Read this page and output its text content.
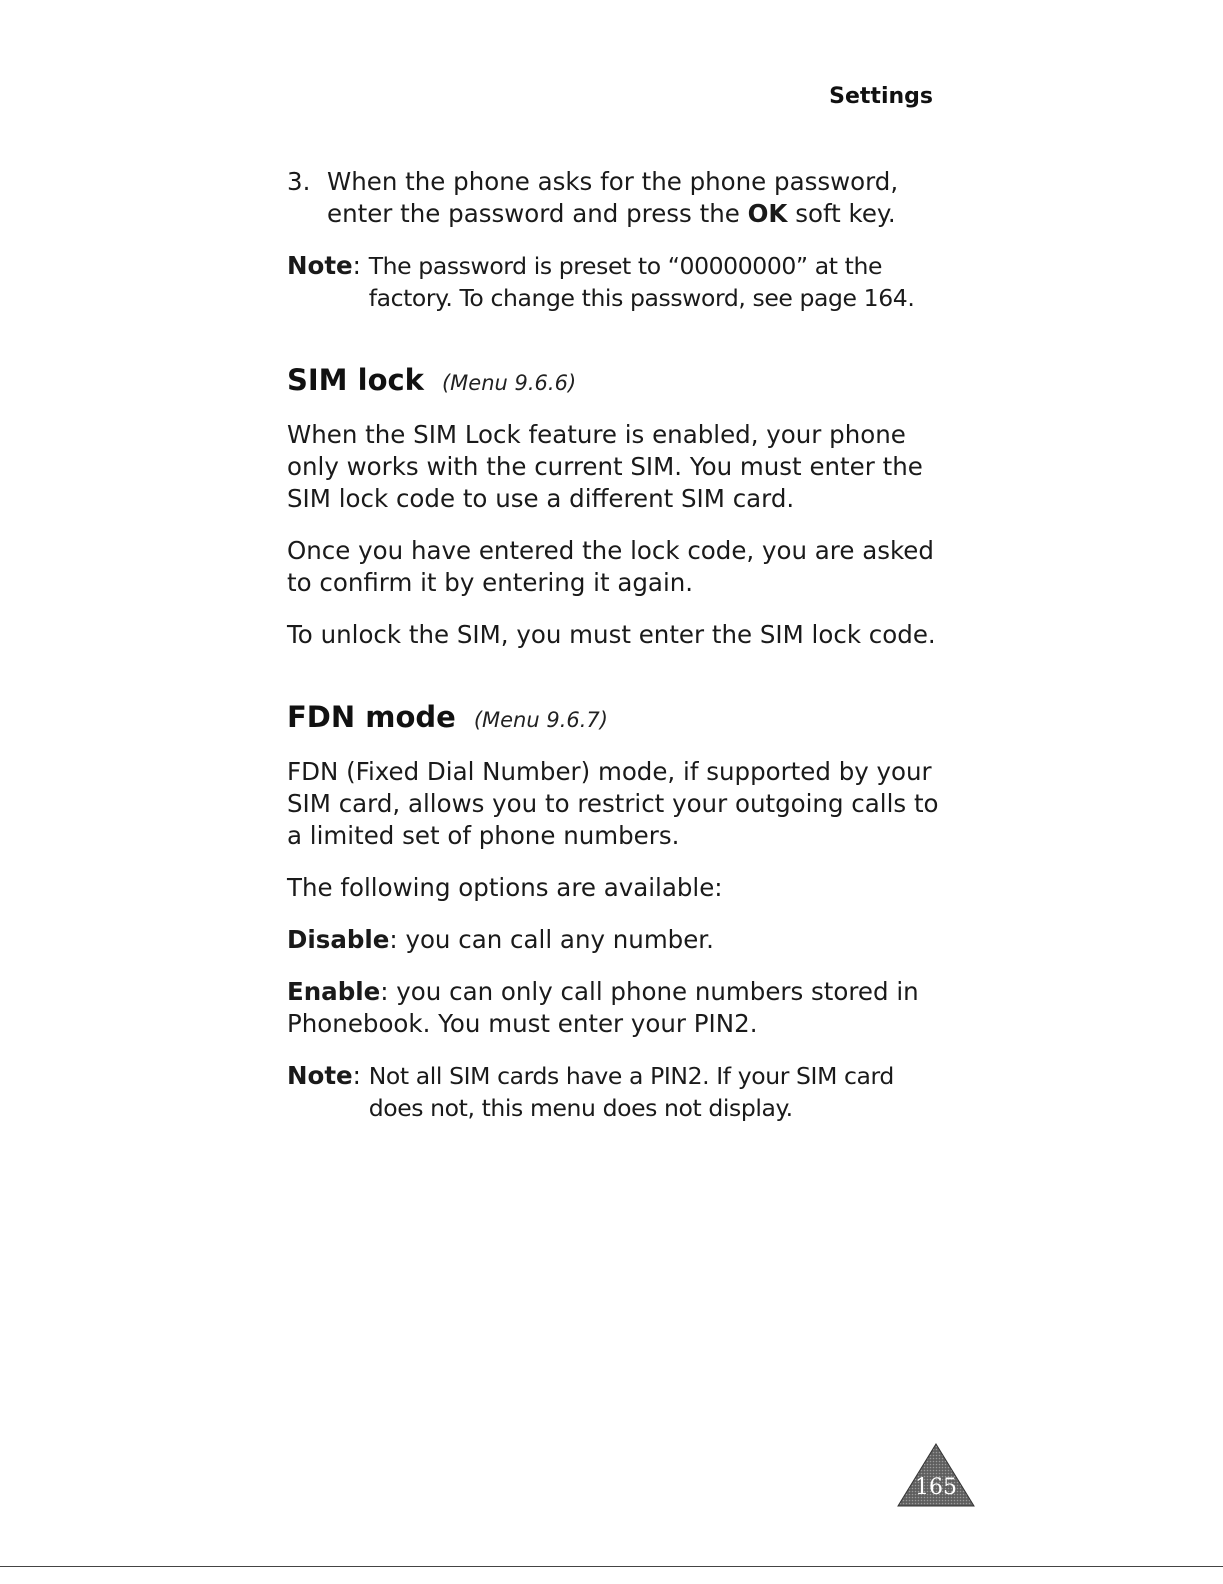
Settings
3. When the phone asks for the phone password,

enter the password and press the OK soft key.

Note : The password is preset to “00000000” at the factory. To change this password, see page 164.
SIM lock (Menu 9.6.6)

When the SIM Lock feature is enabled, your phone only works with the current SIM. You must enter the SIM lock code to use a different SIM card.

Once you have entered the lock code, you are asked to confirm it by entering it again.

To unlock the SIM, you must enter the SIM lock code.

FDN mode (Menu 9.6.7)

FDN (Fixed Dial Number) mode, if supported by your SIM card, allows you to restrict your outgoing calls to a limited set of phone numbers.

The following options are available:

Disable: you can call any number.

Enable: you can only call phone numbers stored in Phonebook. You must enter your PIN2.

Note : Not all SIM cards have a PIN2. If your SIM card does not, this menu does not display.
165
